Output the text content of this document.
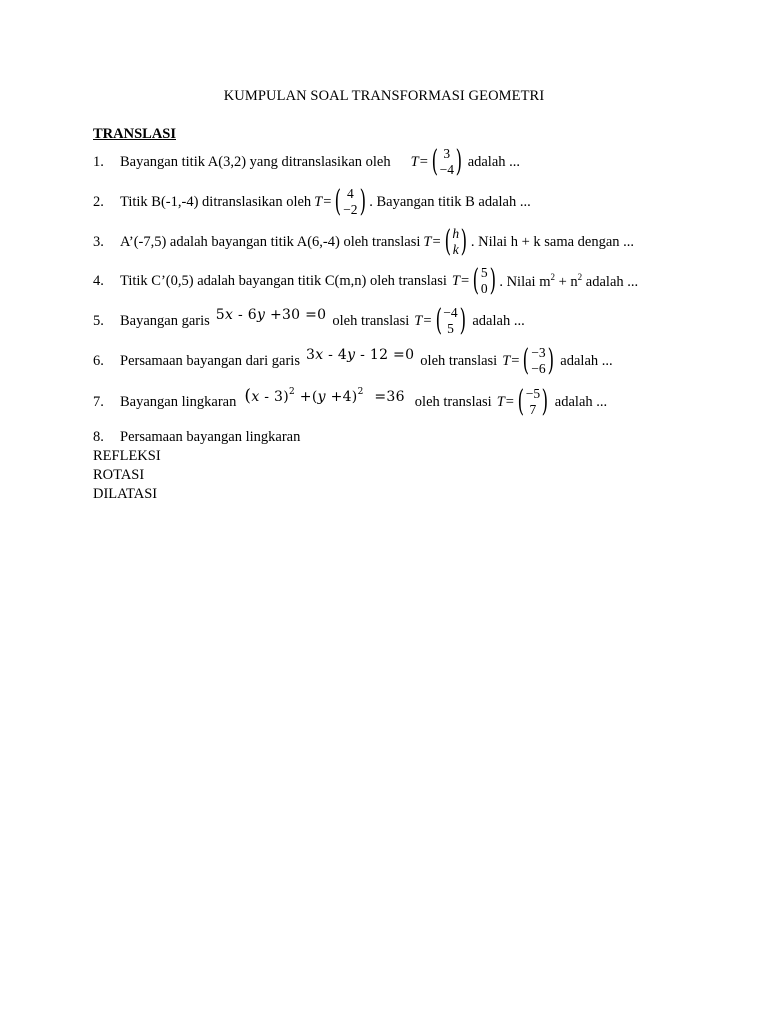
KUMPULAN SOAL TRANSFORMASI GEOMETRI
TRANSLASI
1.	Bayangan titik A(3,2) yang ditranslasikan oleh T = ( 3
−4 ) adalah ...
2.	Titik B(-1,-4) ditranslasikan oleh T = ( 4
−2 ) . Bayangan titik B adalah ...
3.	A’(-7,5) adalah bayangan titik A(6,-4) oleh translasi T = ( h
k ) . Nilai h + k sama dengan ...
4.	Titik C’(0,5) adalah bayangan titik C(m,n) oleh translasi T = ( 5
0 ) . Nilai $m^2 + n^2$ adalah ...
5.	Bayangan garis 5x - 6y +30 =0 oleh translasi T = ( −4
5 ) adalah ...
6.	Persamaan bayangan dari garis 3x - 4y - 12 =0 oleh translasi T = ( −3
−6 ) adalah ...
7.	Bayangan lingkaran $(x - 3)^2 +(y +4)^2 =36$ oleh translasi T = ( −5
7 ) adalah ...
8.	Persamaan bayangan lingkaran
REFLEKSI
ROTASI
DILATASI
